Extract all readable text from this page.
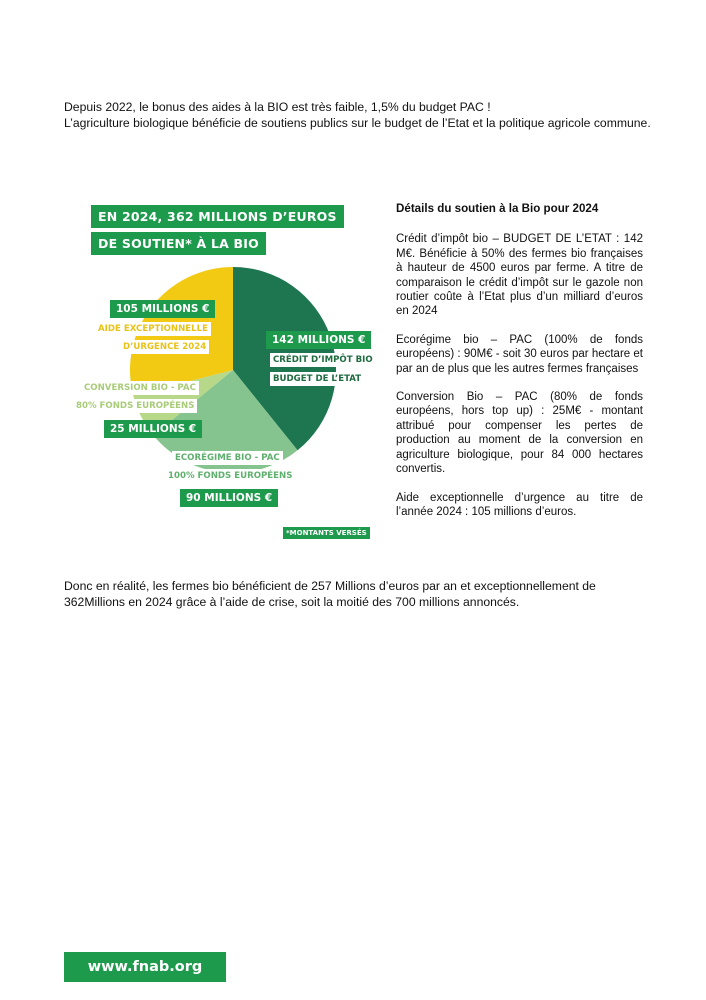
Depuis 2022, le bonus des aides à la BIO est très faible, 1,5% du budget PAC !

L’agriculture biologique bénéficie de soutiens publics sur le budget de l’Etat et la politique agricole commune.

EN 2024, 362 MILLIONS D’EUROS
DE SOUTIEN* À LA BIO
105 MILLIONS €
AIDE EXCEPTIONNELLE
D’URGENCE 2024
CONVERSION BIO - PAC
80% FONDS EUROPÉENS
25 MILLIONS €
142 MILLIONS €
CRÉDIT D’IMPÔT BIO
BUDGET DE L’ETAT
ECORÉGIME BIO - PAC
100% FONDS EUROPÉENS
90 MILLIONS €
*MONTANTS VERSÉS
Détails du soutien à la Bio pour 2024

Crédit d’impôt bio – BUDGET DE L’ETAT : 142 M€. Bénéficie à 50% des fermes bio françaises à hauteur de 4500 euros par ferme. A titre de comparaison le crédit d’impôt sur le gazole non routier coûte à l’Etat plus d’un milliard d’euros en 2024

Ecorégime bio – PAC (100% de fonds européens) : 90M€ - soit 30 euros par hectare et par an de plus que les autres fermes françaises

Conversion Bio – PAC (80% de fonds européens, hors top up) : 25M€ - montant attribué pour compenser les pertes de production au moment de la conversion en agriculture biologique, pour 84 000 hectares convertis.

Aide exceptionnelle d’urgence au titre de l’année 2024 : 105 millions d’euros.

Donc en réalité, les fermes bio bénéficient de 257 Millions d’euros par an et exceptionnellement de 362Millions en 2024 grâce à l’aide de crise, soit la moitié des 700 millions annoncés.

www.fnab.org
